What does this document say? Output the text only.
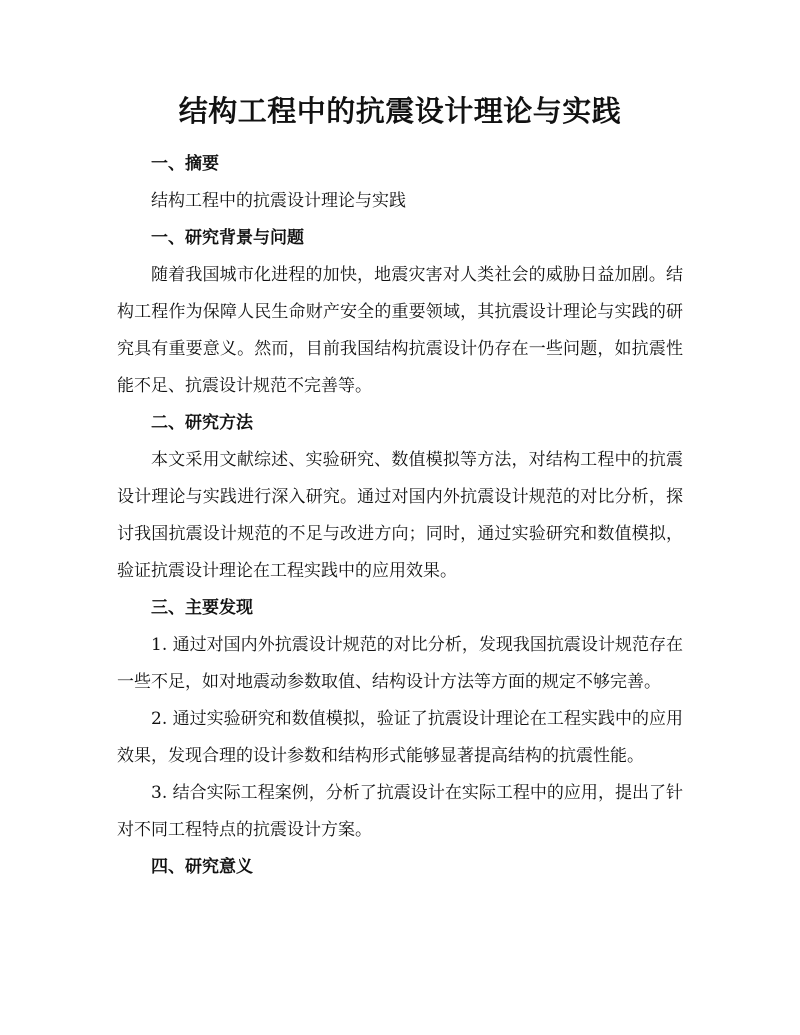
结构工程中的抗震设计理论与实践

一、摘要

结构工程中的抗震设计理论与实践

一、研究背景与问题

随着我国城市化进程的加快，地震灾害对人类社会的威胁日益加剧。结构工程作为保障人民生命财产安全的重要领域，其抗震设计理论与实践的研究具有重要意义。然而，目前我国结构抗震设计仍存在一些问题，如抗震性能不足、抗震设计规范不完善等。

二、研究方法

本文采用文献综述、实验研究、数值模拟等方法，对结构工程中的抗震设计理论与实践进行深入研究。通过对国内外抗震设计规范的对比分析，探讨我国抗震设计规范的不足与改进方向；同时，通过实验研究和数值模拟，验证抗震设计理论在工程实践中的应用效果。

三、主要发现

1. 通过对国内外抗震设计规范的对比分析，发现我国抗震设计规范存在一些不足，如对地震动参数取值、结构设计方法等方面的规定不够完善。

2. 通过实验研究和数值模拟，验证了抗震设计理论在工程实践中的应用效果，发现合理的设计参数和结构形式能够显著提高结构的抗震性能。

3. 结合实际工程案例，分析了抗震设计在实际工程中的应用，提出了针对不同工程特点的抗震设计方案。

四、研究意义
